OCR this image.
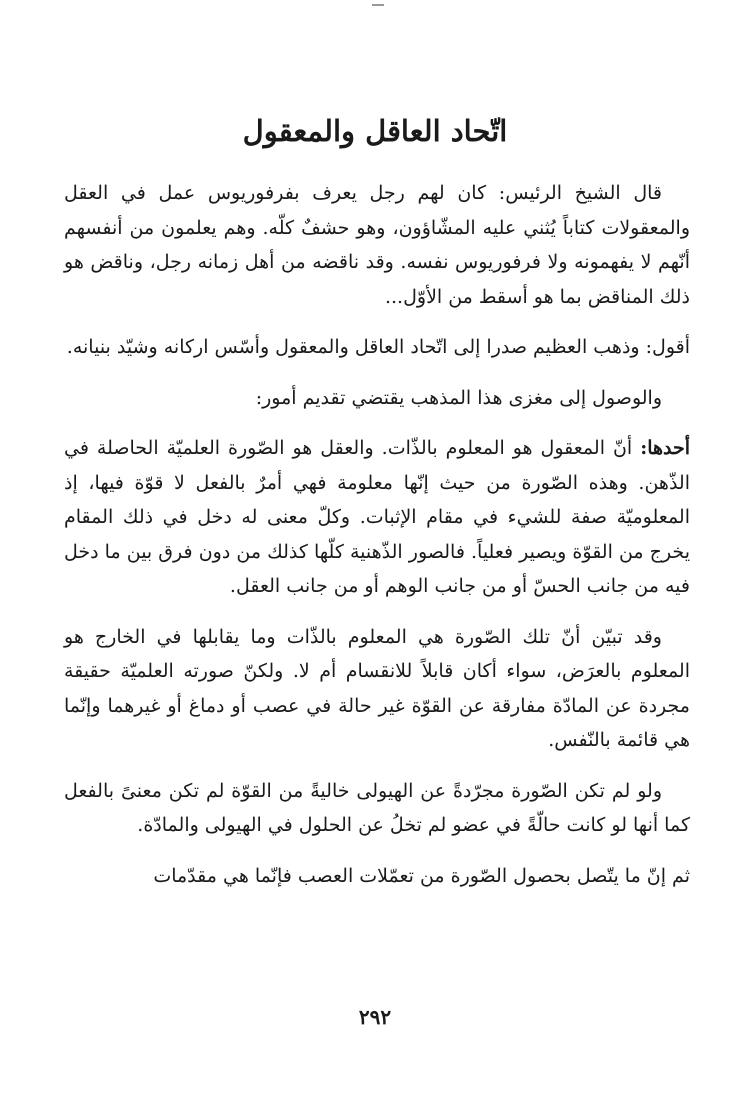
اتّحاد العاقل والمعقول

قال الشيخ الرئيس: كان لهم رجل يعرف بفرفوريوس عمل في العقل والمعقولات كتاباً يُثني عليه المشّاؤون، وهو حشفٌ كلّه. وهم يعلمون من أنفسهم أنّهم لا يفهمونه ولا فرفوريوس نفسه. وقد ناقضه من أهل زمانه رجل، وناقض هو ذلك المناقض بما هو أسقط من الأوّل...

أقول: وذهب العظيم صدرا إلى اتّحاد العاقل والمعقول وأسّس اركانه وشيّد بنيانه.

والوصول إلى مغزى هذا المذهب يقتضي تقديم أمور:

أحدها: أنّ المعقول هو المعلوم بالذّات. والعقل هو الصّورة العلميّة الحاصلة في الذّهن. وهذه الصّورة من حيث إنّها معلومة فهي أمرٌ بالفعل لا قوّة فيها، إذ المعلوميّة صفة للشيء في مقام الإثبات. وكلّ معنى له دخل في ذلك المقام يخرج من القوّة ويصير فعلياً. فالصور الذّهنية كلّها كذلك من دون فرق بين ما دخل فيه من جانب الحسّ أو من جانب الوهم أو من جانب العقل.

وقد تبيّن أنّ تلك الصّورة هي المعلوم بالذّات وما يقابلها في الخارج هو المعلوم بالعرَض، سواء أكان قابلاً للانقسام أم لا. ولكنّ صورته العلميّة حقيقة مجردة عن المادّة مفارقة عن القوّة غير حالة في عصب أو دماغ أو غيرهما وإنّما هي قائمة بالنّفس.

ولو لم تكن الصّورة مجرّدةً عن الهيولى خاليةً من القوّة لم تكن معنىً بالفعل كما أنها لو كانت حالّةً في عضو لم تخلُ عن الحلول في الهيولى والمادّة.

ثم إنّ ما يتّصل بحصول الصّورة من تعمّلات العصب فإنّما هي مقدّمات

٢٩٢
